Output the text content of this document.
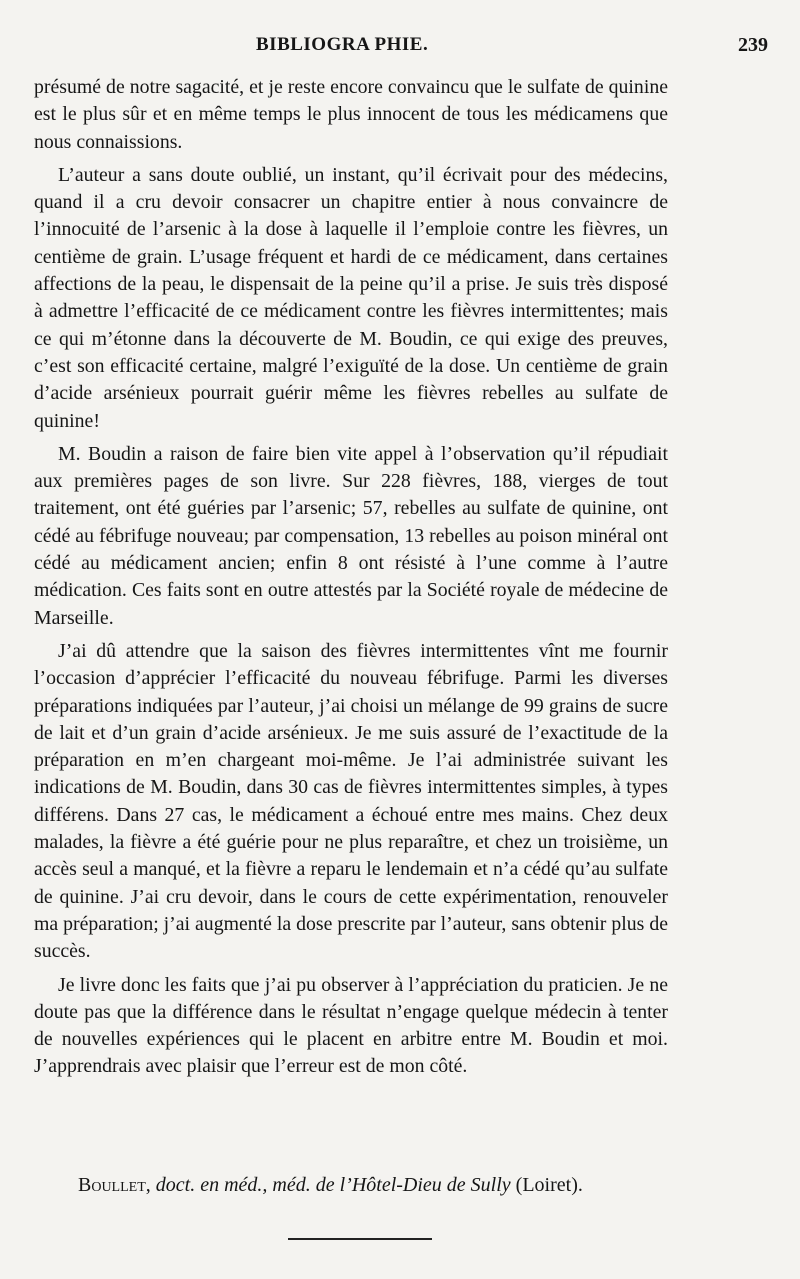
BIBLIOGRA PHIE.	239

présumé de notre sagacité, et je reste encore convaincu que le sulfate de quinine est le plus sûr et en même temps le plus innocent de tous les médicamens que nous connaissions.

L’auteur a sans doute oublié, un instant, qu’il écrivait pour des médecins, quand il a cru devoir consacrer un chapitre entier à nous convaincre de l’innocuité de l’arsenic à la dose à laquelle il l’emploie contre les fièvres, un centième de grain. L’usage fréquent et hardi de ce médicament, dans certaines affections de la peau, le dispensait de la peine qu’il a prise. Je suis très disposé à admettre l’efficacité de ce médicament contre les fièvres intermittentes; mais ce qui m’étonne dans la découverte de M. Boudin, ce qui exige des preuves, c’est son efficacité certaine, malgré l’exiguïté de la dose. Un centième de grain d’acide arsénieux pourrait guérir même les fièvres rebelles au sulfate de quinine!

M. Boudin a raison de faire bien vite appel à l’observation qu’il répudiait aux premières pages de son livre. Sur 228 fièvres, 188, vierges de tout traitement, ont été guéries par l’arsenic; 57, rebelles au sulfate de quinine, ont cédé au fébrifuge nouveau; par compensation, 13 rebelles au poison minéral ont cédé au médicament ancien; enfin 8 ont résisté à l’une comme à l’autre médication. Ces faits sont en outre attestés par la Société royale de médecine de Marseille.

J’ai dû attendre que la saison des fièvres intermittentes vînt me fournir l’occasion d’apprécier l’efficacité du nouveau fébrifuge. Parmi les diverses préparations indiquées par l’auteur, j’ai choisi un mélange de 99 grains de sucre de lait et d’un grain d’acide arsénieux. Je me suis assuré de l’exactitude de la préparation en m’en chargeant moi-même. Je l’ai administrée suivant les indications de M. Boudin, dans 30 cas de fièvres intermittentes simples, à types différens. Dans 27 cas, le médicament a échoué entre mes mains. Chez deux malades, la fièvre a été guérie pour ne plus reparaître, et chez un troisième, un accès seul a manqué, et la fièvre a reparu le lendemain et n’a cédé qu’au sulfate de quinine. J’ai cru devoir, dans le cours de cette expérimentation, renouveler ma préparation; j’ai augmenté la dose prescrite par l’auteur, sans obtenir plus de succès.

Je livre donc les faits que j’ai pu observer à l’appréciation du praticien. Je ne doute pas que la différence dans le résultat n’engage quelque médecin à tenter de nouvelles expériences qui le placent en arbitre entre M. Boudin et moi. J’apprendrais avec plaisir que l’erreur est de mon côté.

Boullet, doct. en méd., méd. de l’Hôtel-Dieu de Sully (Loiret).
